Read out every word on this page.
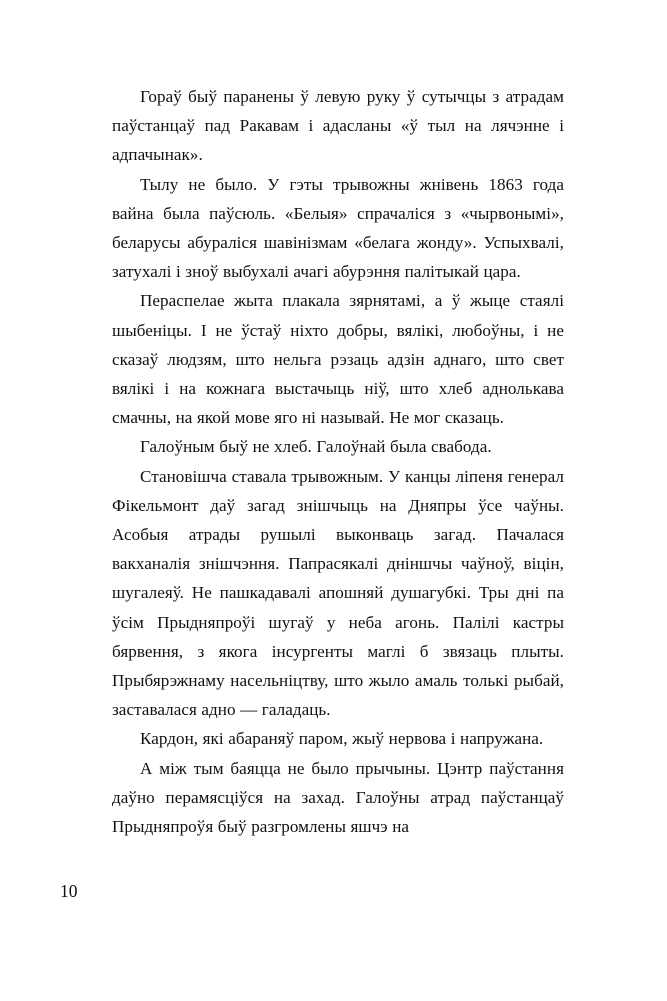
Гораў быў паранены ў левую руку ў сутычцы з атрадам паўстанцаў пад Ракавам і адасланы «ў тыл на лячэнне і адпачынак».

Тылу не было. У гэты трывожны жнівень 1863 года вайна была паўсюль. «Белыя» спрачаліся з «чырвонымі», беларусы абураліся шавінізмам «белага жонду». Успыхвалі, затухалі і зноў выбухалі ачагі абурэння палітыкай цара.

Пераспелае жыта плакала зярнятамі, а ў жыце стаялі шыбеніцы. І не ўстаў ніхто добры, вялікі, любоўны, і не сказаў людзям, што нельга рэзаць адзін аднаго, што свет вялікі і на кожнага выстачыць ніў, што хлеб аднолькава смачны, на якой мове яго ні называй. Не мог сказаць.

Галоўным быў не хлеб. Галоўнай была свабода.

Становішча ставала трывожным. У канцы ліпеня генерал Фікельмонт даў загад знішчыць на Дняпры ўсе чаўны. Асобыя атрады рушылі выконваць загад. Пачалася вакханалія знішчэння. Папрасякалі дніншчы чаўноў, віцін, шугалеяў. Не пашкадавалі апошняй душагубкі. Тры дні па ўсім Прыдняпроўі шугаў у неба агонь. Палілі кастры бярвення, з якога інсургенты маглі б звязаць плыты. Прыбярэжнаму насельніцтву, што жыло амаль толькі рыбай, заставалася адно — галадаць.

Кардон, які абараняў паром, жыў нервова і напружана.

А між тым баяцца не было прычыны. Цэнтр паўстання даўно перамясціўся на захад. Галоўны атрад паўстанцаў Прыдняпроўя быў разгромлены яшчэ на

10
